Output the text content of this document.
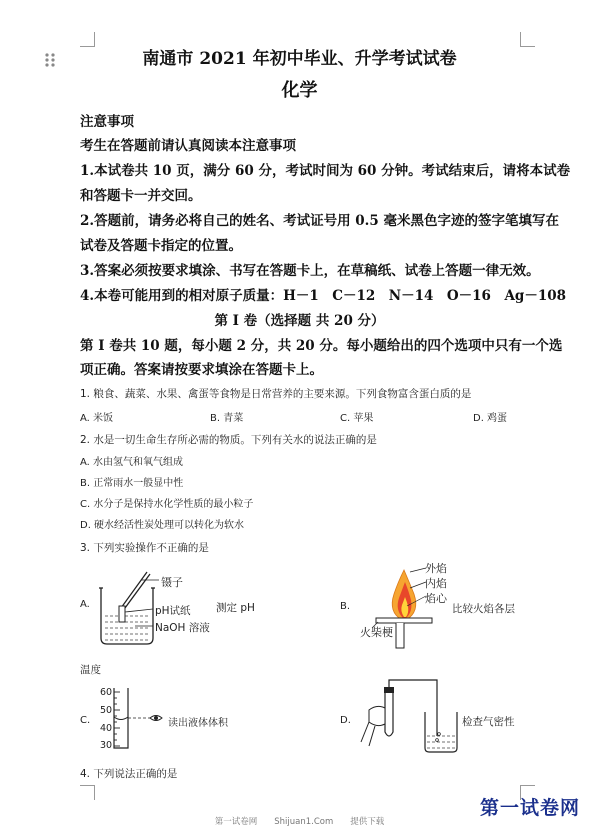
南通市 2021 年初中毕业、升学考试试卷
化学
注意事项
考生在答题前请认真阅读本注意事项
1.本试卷共 10 页，满分 60 分，考试时间为 60 分钟。考试结束后，请将本试卷
和答题卡一并交回。
2.答题前，请务必将自己的姓名、考试证号用 0.5 毫米黑色字迹的签字笔填写在
试卷及答题卡指定的位置。
3.答案必须按要求填涂、书写在答题卡上，在草稿纸、试卷上答题一律无效。
4.本卷可能用到的相对原子质量：H－1　C－12　N－14　O－16　Ag－108
第 I 卷（选择题 共 20 分）
第 I 卷共 10 题，每小题 2 分，共 20 分。每小题给出的四个选项中只有一个选
项正确。答案请按要求填涂在答题卡上。
1. 粮食、蔬菜、水果、禽蛋等食物是日常营养的主要来源。下列食物富含蛋白质的是
A. 米饭	B. 青菜	C. 苹果	D. 鸡蛋
2. 水是一切生命生存所必需的物质。下列有关水的说法正确的是
A. 水由氢气和氧气组成
B. 正常雨水一般显中性
C. 水分子是保持水化学性质的最小粒子
D. 硬水经活性炭处理可以转化为软水
3. 下列实验操作不正确的是
A.
镊子
pH试纸
NaOH 溶液
测定 pH	B.
外焰
内焰
焰心
火柴梗
比较火焰各层
温度
C.
60
50
40
30
读出液体体积	D.	检查气密性
4. 下列说法正确的是
第一试卷网　　Shijuan1.Com　　提供下载
第一试卷网
